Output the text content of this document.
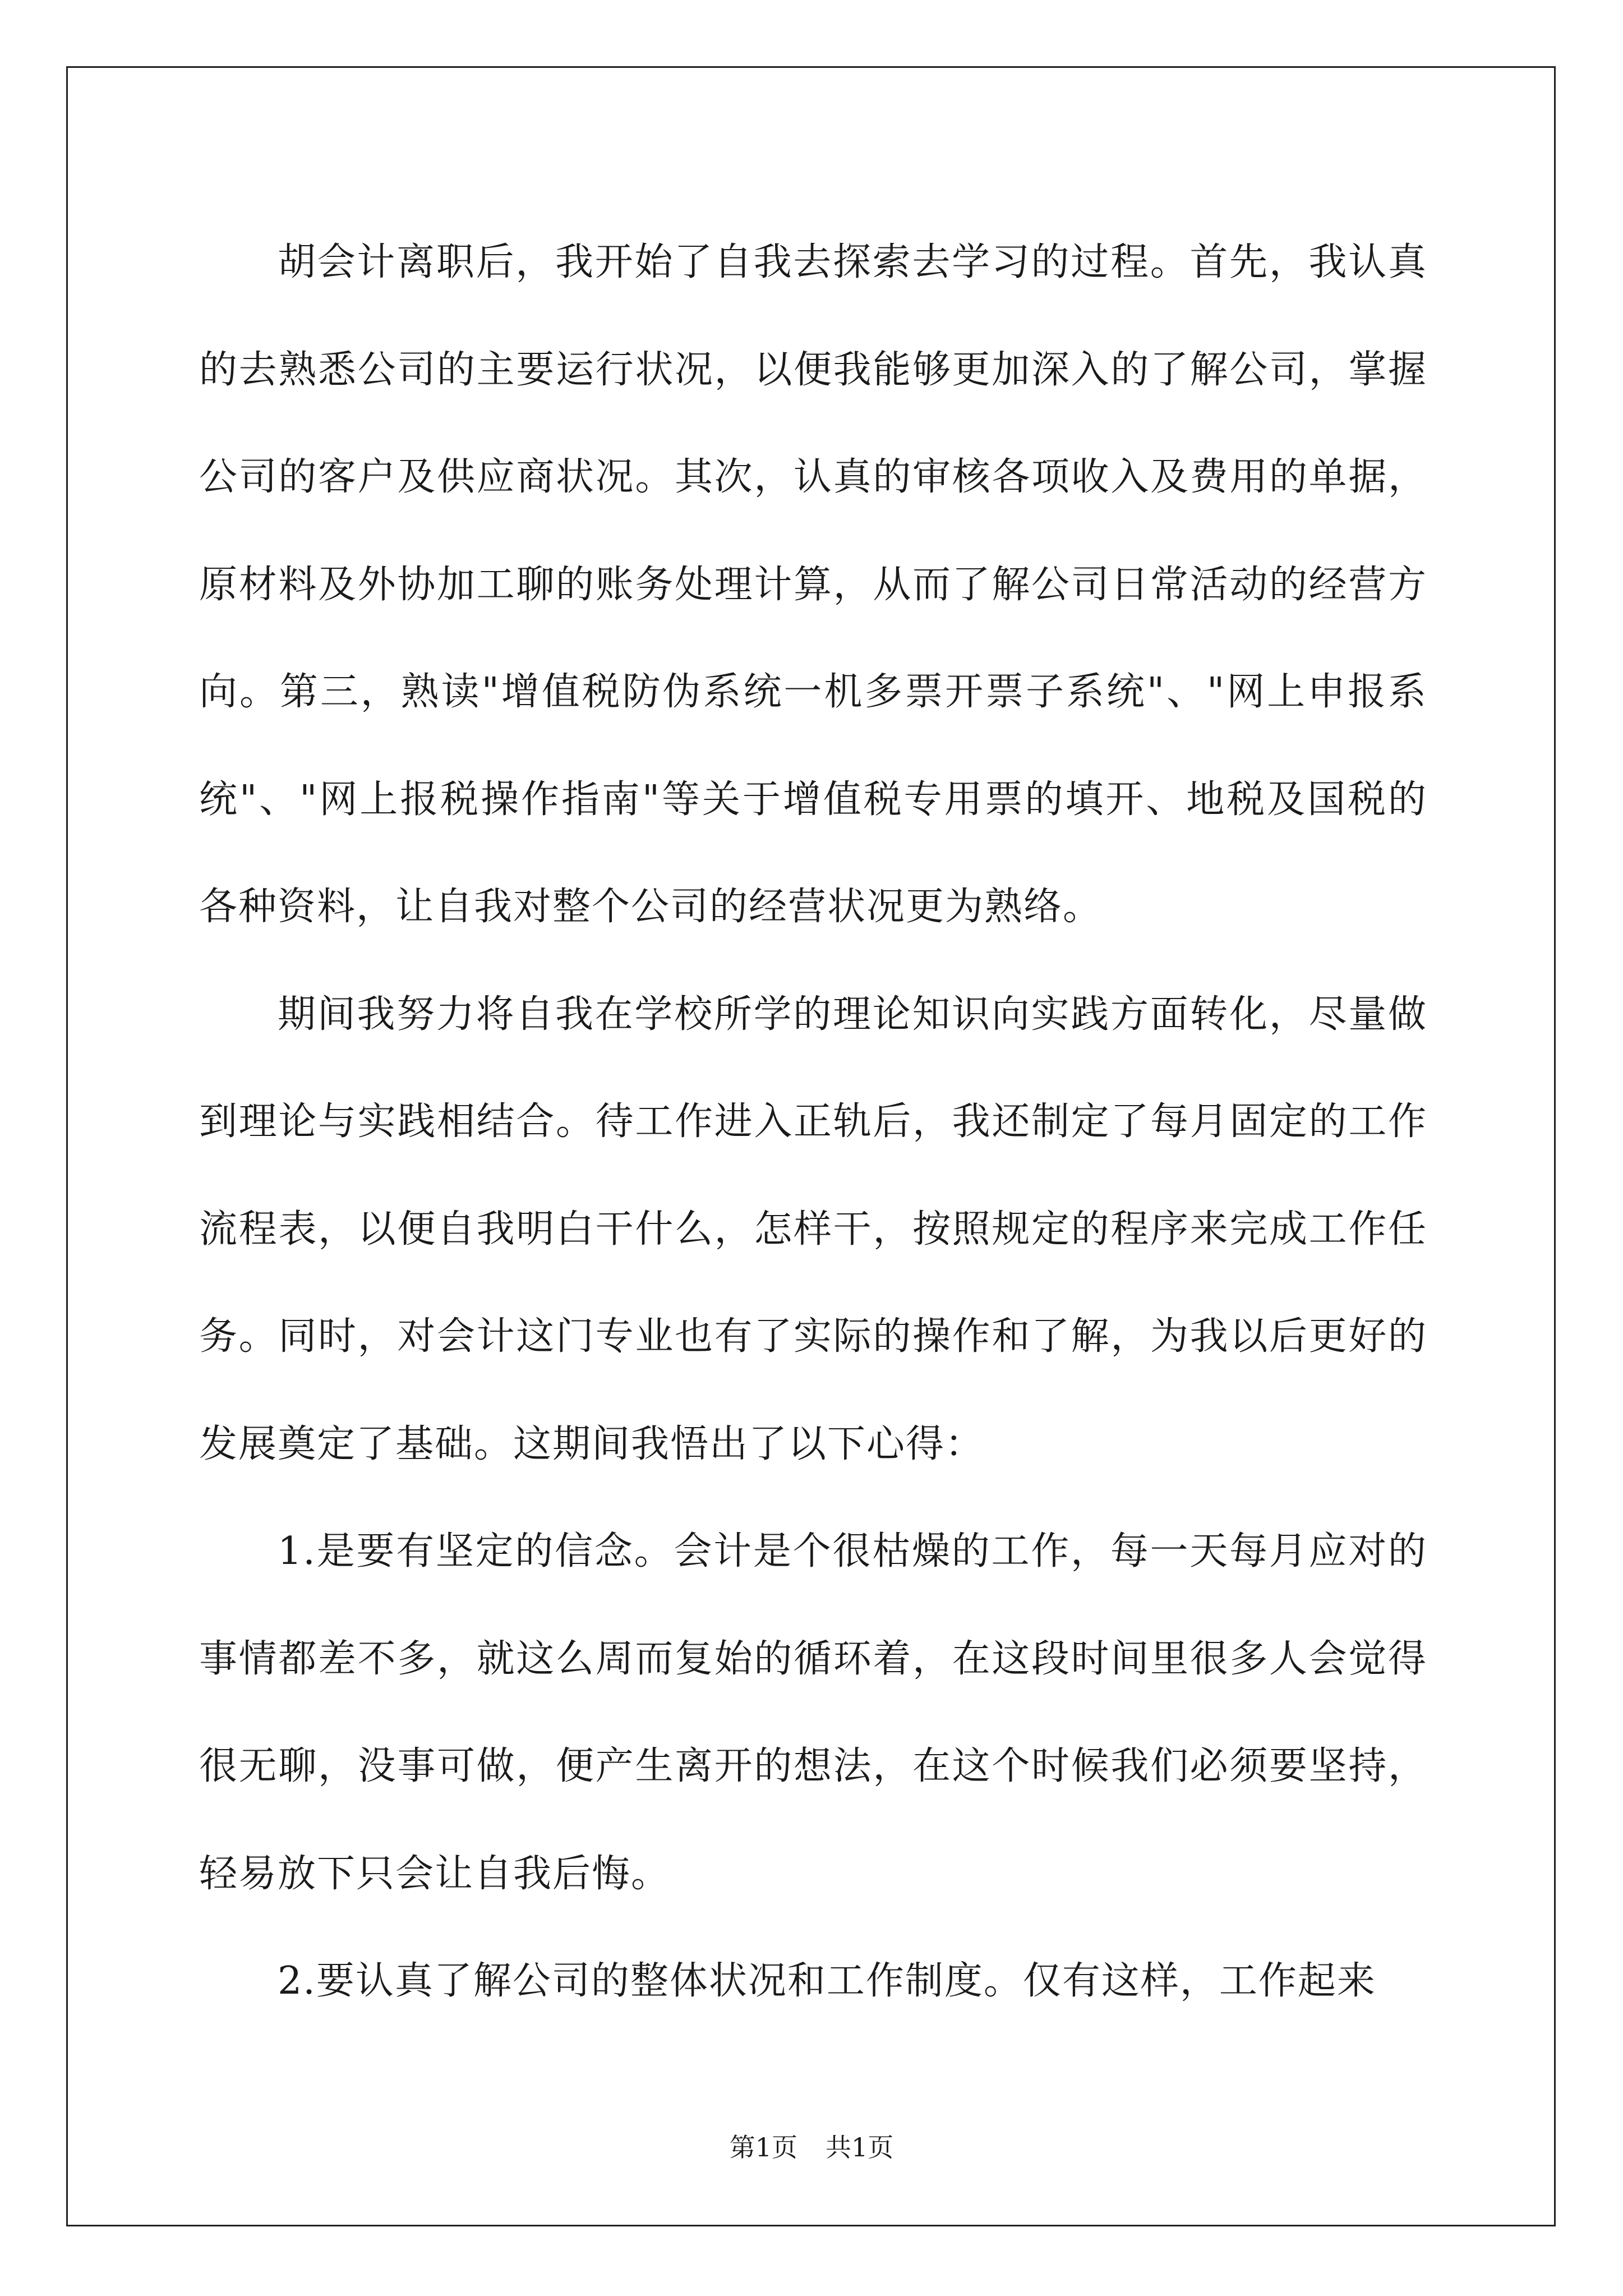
胡会计离职后，我开始了自我去探索去学习的过程。首先，我认真的去熟悉公司的主要运行状况，以便我能够更加深入的了解公司，掌握公司的客户及供应商状况。其次，认真的审核各项收入及费用的单据，原材料及外协加工聊的账务处理计算，从而了解公司日常活动的经营方向。第三，熟读"增值税防伪系统一机多票开票子系统"、"网上申报系统"、"网上报税操作指南"等关于增值税专用票的填开、地税及国税的各种资料，让自我对整个公司的经营状况更为熟络。

期间我努力将自我在学校所学的理论知识向实践方面转化，尽量做到理论与实践相结合。待工作进入正轨后，我还制定了每月固定的工作流程表，以便自我明白干什么，怎样干，按照规定的程序来完成工作任务。同时，对会计这门专业也有了实际的操作和了解，为我以后更好的发展奠定了基础。这期间我悟出了以下心得：

1.是要有坚定的信念。会计是个很枯燥的工作，每一天每月应对的事情都差不多，就这么周而复始的循环着，在这段时间里很多人会觉得很无聊，没事可做，便产生离开的想法，在这个时候我们必须要坚持，轻易放下只会让自我后悔。

2.要认真了解公司的整体状况和工作制度。仅有这样，工作起来

第1页 共1页
